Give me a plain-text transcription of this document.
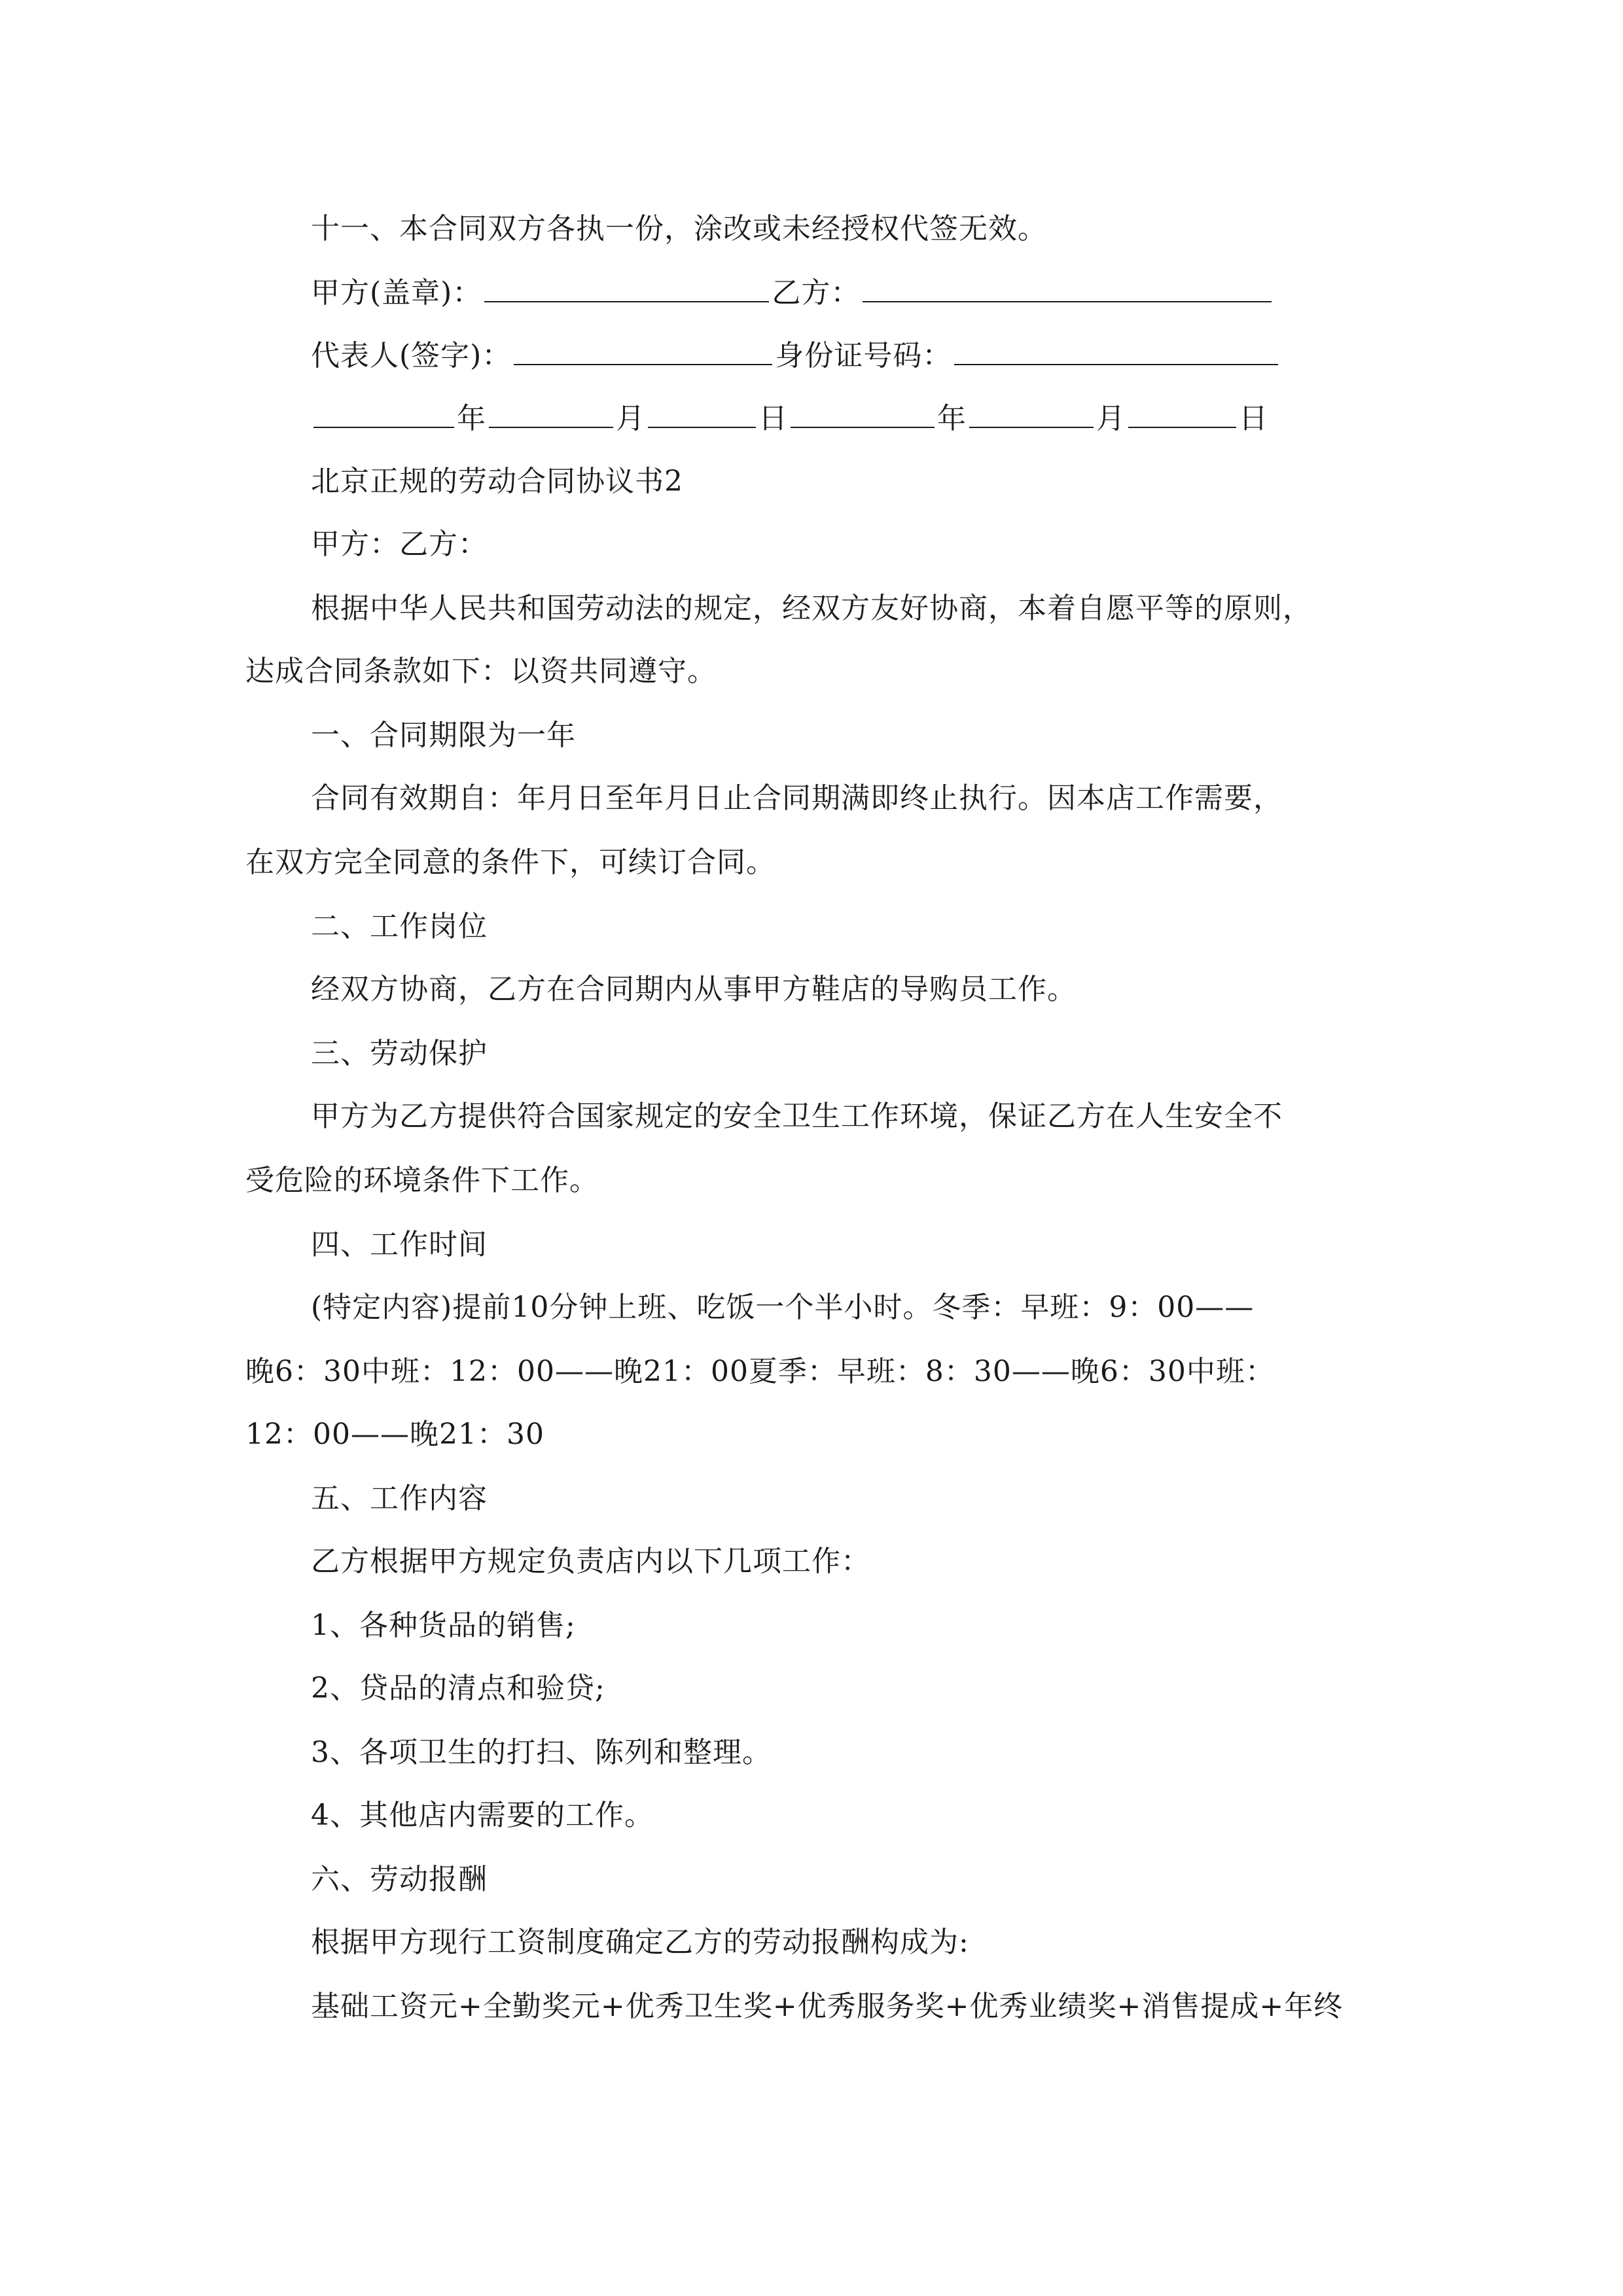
十一、本合同双方各执一份，涂改或未经授权代签无效。
甲方(盖章)：	乙方：
代表人(签字)：	身份证号码：
年	月	日	年	月	日
北京正规的劳动合同协议书2
甲方：乙方：
根据中华人民共和国劳动法的规定，经双方友好协商，本着自愿平等的原则，
达成合同条款如下：以资共同遵守。
一、合同期限为一年
合同有效期自：年月日至年月日止合同期满即终止执行。因本店工作需要，
在双方完全同意的条件下，可续订合同。
二、工作岗位
经双方协商，乙方在合同期内从事甲方鞋店的导购员工作。
三、劳动保护
甲方为乙方提供符合国家规定的安全卫生工作环境，保证乙方在人生安全不
受危险的环境条件下工作。
四、工作时间
(特定内容)提前10分钟上班、吃饭一个半小时。冬季：早班：9：00——
晚6：30中班：12：00——晚21：00夏季：早班：8：30——晚6：30中班：
12：00——晚21：30
五、工作内容
乙方根据甲方规定负责店内以下几项工作：
1、各种货品的销售;
2、贷品的清点和验贷;
3、各项卫生的打扫、陈列和整理。
4、其他店内需要的工作。
六、劳动报酬
根据甲方现行工资制度确定乙方的劳动报酬构成为:
基础工资元+全勤奖元+优秀卫生奖+优秀服务奖+优秀业绩奖+消售提成+年终
